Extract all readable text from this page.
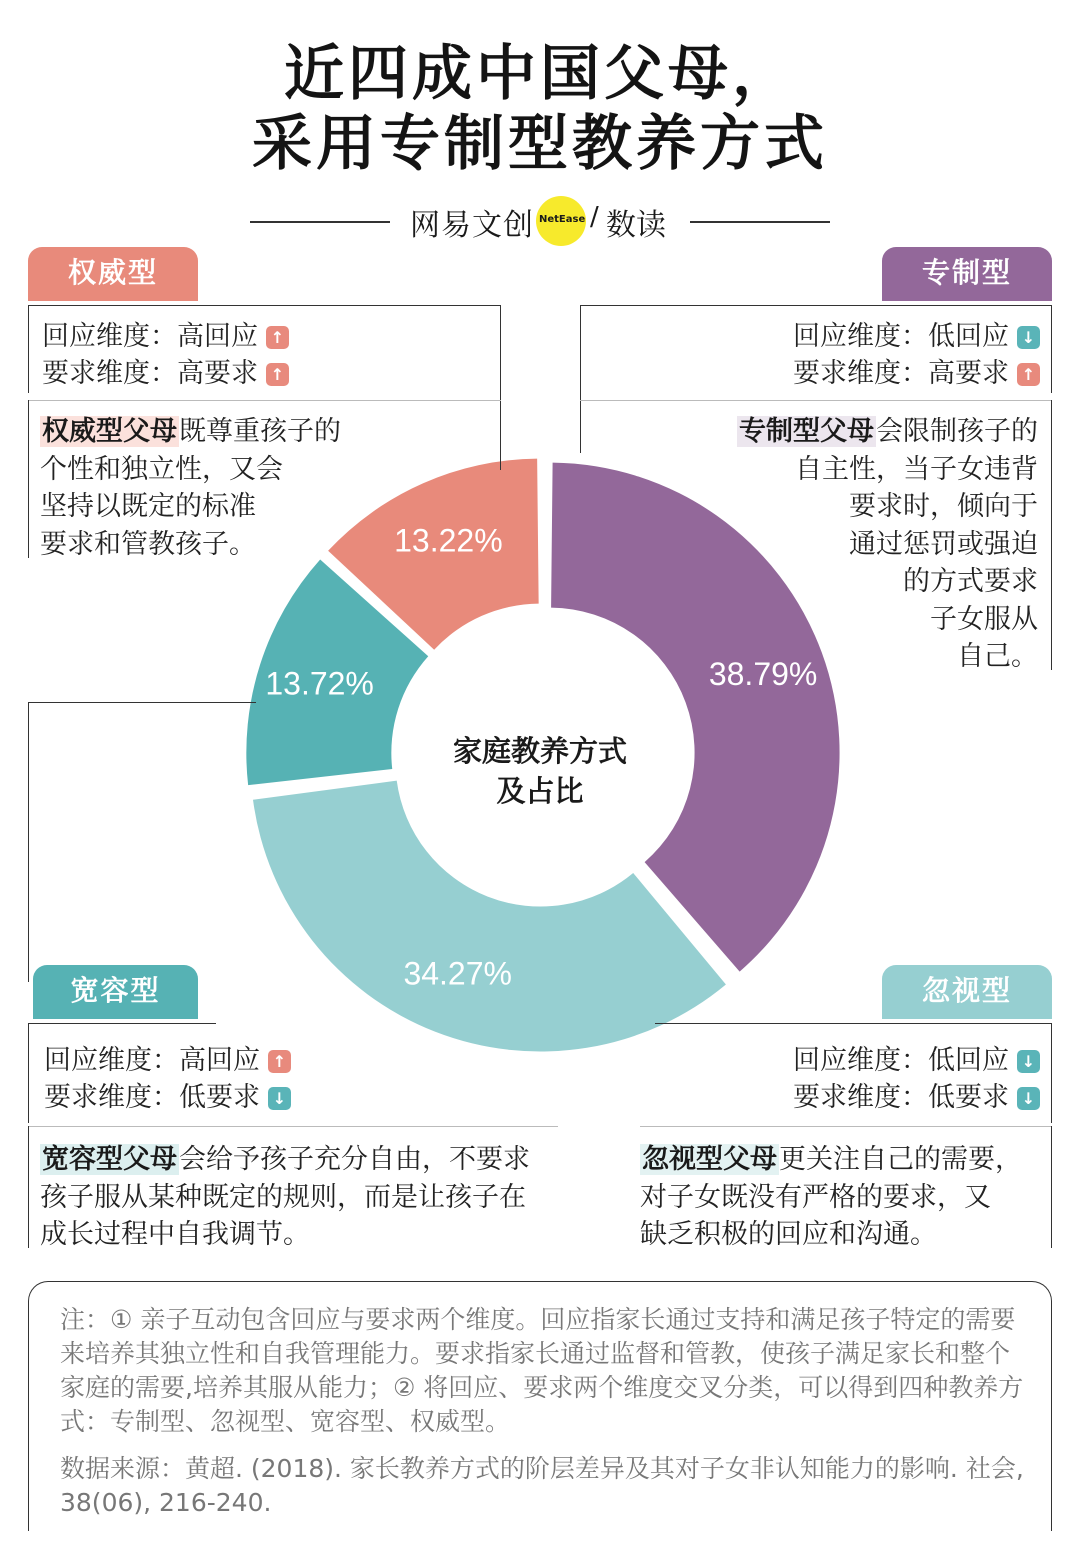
近四成中国父母，
采用专制型教养方式
网易文创 NetEase / 数读
38.79%
34.27%
13.72%
13.22%
家庭教养方式
及占比
权威型
回应维度：高回应 ↑
要求维度：高要求 ↑
权威型父母既尊重孩子的
个性和独立性，又会
坚持以既定的标准
要求和管教孩子。
专制型
回应维度：低回应 ↓
要求维度：高要求 ↑
专制型父母会限制孩子的
自主性，当子女违背
要求时，倾向于
通过惩罚或强迫
的方式要求
子女服从
自己。
宽容型
回应维度：高回应 ↑
要求维度：低要求 ↓
宽容型父母会给予孩子充分自由，不要求
孩子服从某种既定的规则，而是让孩子在
成长过程中自我调节。
忽视型
回应维度：低回应 ↓
要求维度：低要求 ↓
忽视型父母更关注自己的需要，
对子女既没有严格的要求，又
缺乏积极的回应和沟通。
注：① 亲子互动包含回应与要求两个维度。回应指家长通过支持和满足孩子特定的需要来培养其独立性和自我管理能力。要求指家长通过监督和管教，使孩子满足家长和整个家庭的需要,培养其服从能力；② 将回应、要求两个维度交叉分类，可以得到四种教养方式：专制型、忽视型、宽容型、权威型。
数据来源：黄超. (2018). 家长教养方式的阶层差异及其对子女非认知能力的影响. 社会, 38(06), 216-240.
